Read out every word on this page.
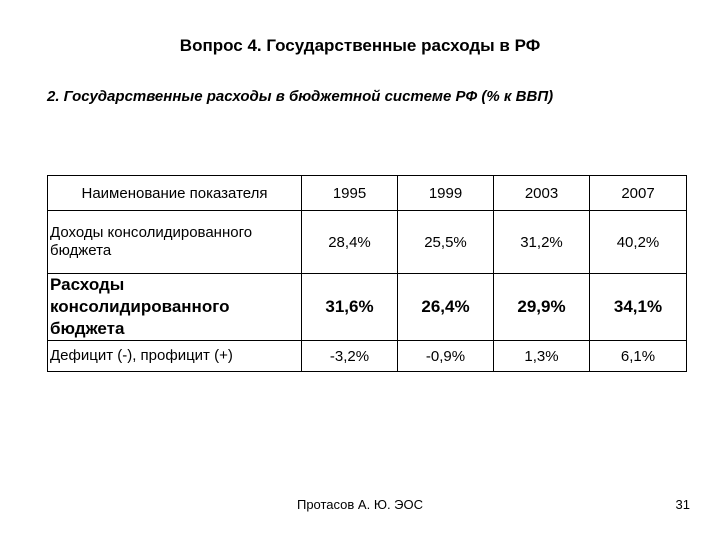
Вопрос 4. Государственные расходы в РФ
2. Государственные расходы в бюджетной системе РФ (% к ВВП)
Наименование показателя	1995	1999	2003	2007
Доходы консолидированного бюджета	28,4%	25,5%	31,2%	40,2%
Расходы консолидированного бюджета	31,6%	26,4%	29,9%	34,1%
Дефицит (-), профицит (+)	-3,2%	-0,9%	1,3%	6,1%
Протасов А. Ю. ЭОС	31
